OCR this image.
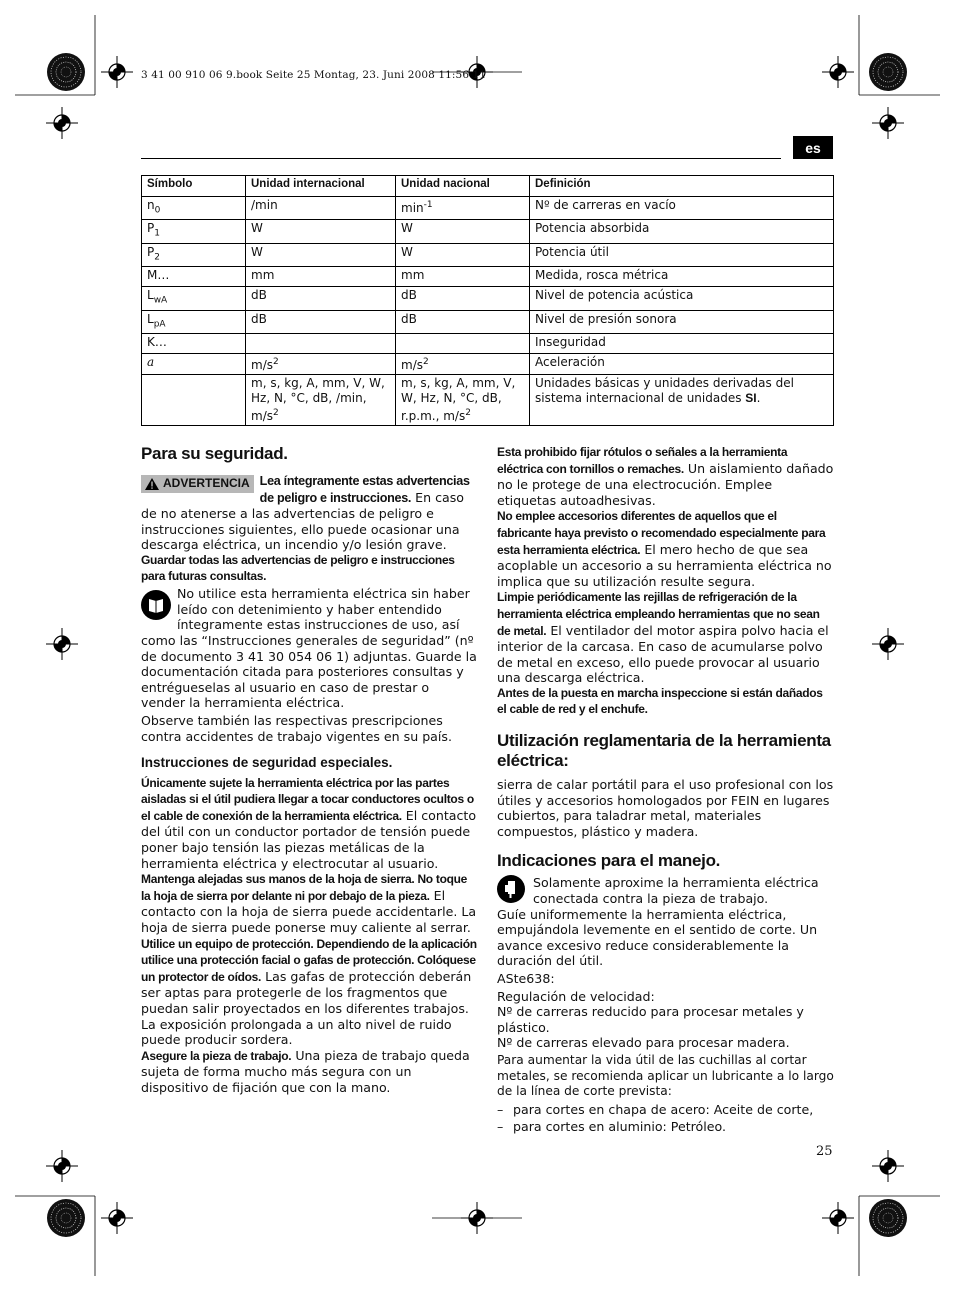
3 41 00 910 06 9.book Seite 25 Montag, 23. Juni 2008 11:56 11
es
Símbolo	Unidad internacional	Unidad nacional	Definición
$n_0$	/min	$\min^{-1}$	Nº de carreras en vacío
$P_1$	W	W	Potencia absorbida
$P_2$	W	W	Potencia útil
M…	mm	mm	Medida, rosca métrica
$L_{wA}$	dB	dB	Nivel de potencia acústica
$L_{pA}$	dB	dB	Nivel de presión sonora
K…			Inseguridad
a	$m/s^2$	$m/s^2$	Aceleración
	m, s, kg, A, mm, V, W, Hz, N, °C, dB, /min, $m/s^2$	m, s, kg, A, mm, V, W, Hz, N, °C, dB, r.p.m., $m/s^2$	Unidades básicas y unidades derivadas del sistema internacional de unidades SI.
Para su seguridad.
ADVERTENCIA Lea íntegramente estas advertencias de peligro e instrucciones. En caso de no atenerse a las advertencias de peligro e instrucciones siguientes, ello puede ocasionar una descarga eléctrica, un incendio y/o lesión grave.

Guardar todas las advertencias de peligro e instrucciones para futuras consultas.

No utilice esta herramienta eléctrica sin haber leído con detenimiento y haber entendido íntegramente estas instrucciones de uso, así como las “Instrucciones generales de seguridad” (nº de documento 3 41 30 054 06 1) adjuntas. Guarde la documentación citada para posteriores consultas y entrégueselas al usuario en caso de prestar o vender la herramienta eléctrica.

Observe también las respectivas prescripciones contra accidentes de trabajo vigentes en su país.

Instrucciones de seguridad especiales.

Únicamente sujete la herramienta eléctrica por las partes aisladas si el útil pudiera llegar a tocar conductores ocultos o el cable de conexión de la herramienta eléctrica. El contacto del útil con un conductor portador de tensión puede poner bajo tensión las piezas metálicas de la herramienta eléctrica y electrocutar al usuario.

Mantenga alejadas sus manos de la hoja de sierra. No toque la hoja de sierra por delante ni por debajo de la pieza. El contacto con la hoja de sierra puede accidentarle. La hoja de sierra puede ponerse muy caliente al serrar.

Utilice un equipo de protección. Dependiendo de la aplicación utilice una protección facial o gafas de protección. Colóquese un protector de oídos. Las gafas de protección deberán ser aptas para protegerle de los fragmentos que puedan salir proyectados en los diferentes trabajos. La exposición prolongada a un alto nivel de ruido puede producir sordera.

Asegure la pieza de trabajo. Una pieza de trabajo queda sujeta de forma mucho más segura con un dispositivo de fijación que con la mano.

Esta prohibido fijar rótulos o señales a la herramienta eléctrica con tornillos o remaches. Un aislamiento dañado no le protege de una electrocución. Emplee etiquetas autoadhesivas.

No emplee accesorios diferentes de aquellos que el fabricante haya previsto o recomendado especialmente para esta herramienta eléctrica. El mero hecho de que sea acoplable un accesorio a su herramienta eléctrica no implica que su utilización resulte segura.

Limpie periódicamente las rejillas de refrigeración de la herramienta eléctrica empleando herramientas que no sean de metal. El ventilador del motor aspira polvo hacia el interior de la carcasa. En caso de acumularse polvo de metal en exceso, ello puede provocar al usuario una descarga eléctrica.

Antes de la puesta en marcha inspeccione si están dañados el cable de red y el enchufe.

Utilización reglamentaria de la herramienta eléctrica:

sierra de calar portátil para el uso profesional con los útiles y accesorios homologados por FEIN en lugares cubiertos, para taladrar metal, materiales compuestos, plástico y madera.

Indicaciones para el manejo.

Solamente aproxime la herramienta eléctrica conectada contra la pieza de trabajo.

Guíe uniformemente la herramienta eléctrica, empujándola levemente en el sentido de corte. Un avance excesivo reduce considerablemente la duración del útil.

ASte638:

Regulación de velocidad:

Nº de carreras reducido para procesar metales y plástico.

Nº de carreras elevado para procesar madera.

Para aumentar la vida útil de las cuchillas al cortar metales, se recomienda aplicar un lubricante a lo largo de la línea de corte prevista:

– para cortes en chapa de acero: Aceite de corte,
– para cortes en aluminio: Petróleo.
25
